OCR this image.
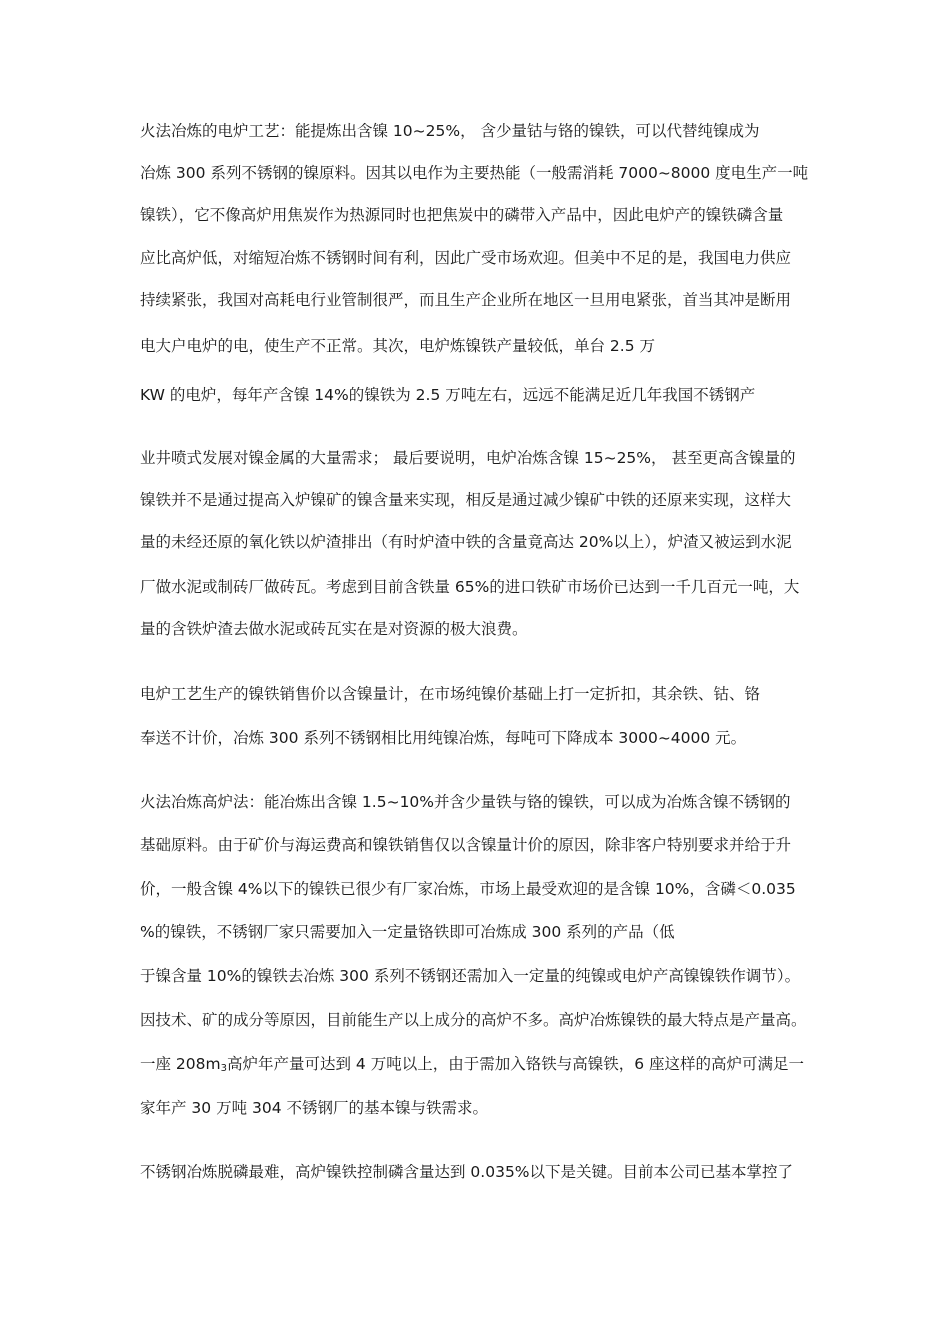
火法冶炼的电炉工艺：能提炼出含镍 10~25%， 含少量钴与铬的镍铁，可以代替纯镍成为
冶炼 300 系列不锈钢的镍原料。因其以电作为主要热能（一般需消耗 7000~8000 度电生产一吨
镍铁），它不像高炉用焦炭作为热源同时也把焦炭中的磷带入产品中，因此电炉产的镍铁磷含量
应比高炉低，对缩短冶炼不锈钢时间有利，因此广受市场欢迎。但美中不足的是，我国电力供应
持续紧张，我国对高耗电行业管制很严，而且生产企业所在地区一旦用电紧张，首当其冲是断用
电大户电炉的电，使生产不正常。其次，电炉炼镍铁产量较低，单台 2.5 万
KW 的电炉，每年产含镍 14%的镍铁为 2.5 万吨左右，远远不能满足近几年我国不锈钢产
业井喷式发展对镍金属的大量需求； 最后要说明，电炉冶炼含镍 15~25%， 甚至更高含镍量的
镍铁并不是通过提高入炉镍矿的镍含量来实现，相反是通过减少镍矿中铁的还原来实现，这样大
量的未经还原的氧化铁以炉渣排出（有时炉渣中铁的含量竟高达 20%以上），炉渣又被运到水泥
厂做水泥或制砖厂做砖瓦。考虑到目前含铁量 65%的进口铁矿市场价已达到一千几百元一吨，大
量的含铁炉渣去做水泥或砖瓦实在是对资源的极大浪费。
电炉工艺生产的镍铁销售价以含镍量计，在市场纯镍价基础上打一定折扣，其余铁、钴、铬
奉送不计价，冶炼 300 系列不锈钢相比用纯镍冶炼，每吨可下降成本 3000~4000 元。
火法冶炼高炉法：能冶炼出含镍 1.5~10%并含少量铁与铬的镍铁，可以成为冶炼含镍不锈钢的
基础原料。由于矿价与海运费高和镍铁销售仅以含镍量计价的原因，除非客户特别要求并给于升
价，一般含镍 4%以下的镍铁已很少有厂家冶炼，市场上最受欢迎的是含镍 10%，含磷＜0.035
%的镍铁，不锈钢厂家只需要加入一定量铬铁即可冶炼成 300 系列的产品（低
于镍含量 10%的镍铁去冶炼 300 系列不锈钢还需加入一定量的纯镍或电炉产高镍镍铁作调节）。
因技术、矿的成分等原因，目前能生产以上成分的高炉不多。高炉冶炼镍铁的最大特点是产量高。
一座 $208m_3$高炉年产量可达到 4 万吨以上，由于需加入铬铁与高镍铁，6 座这样的高炉可满足一
家年产 30 万吨 304 不锈钢厂的基本镍与铁需求。
不锈钢冶炼脱磷最难，高炉镍铁控制磷含量达到 0.035%以下是关键。目前本公司已基本掌控了
